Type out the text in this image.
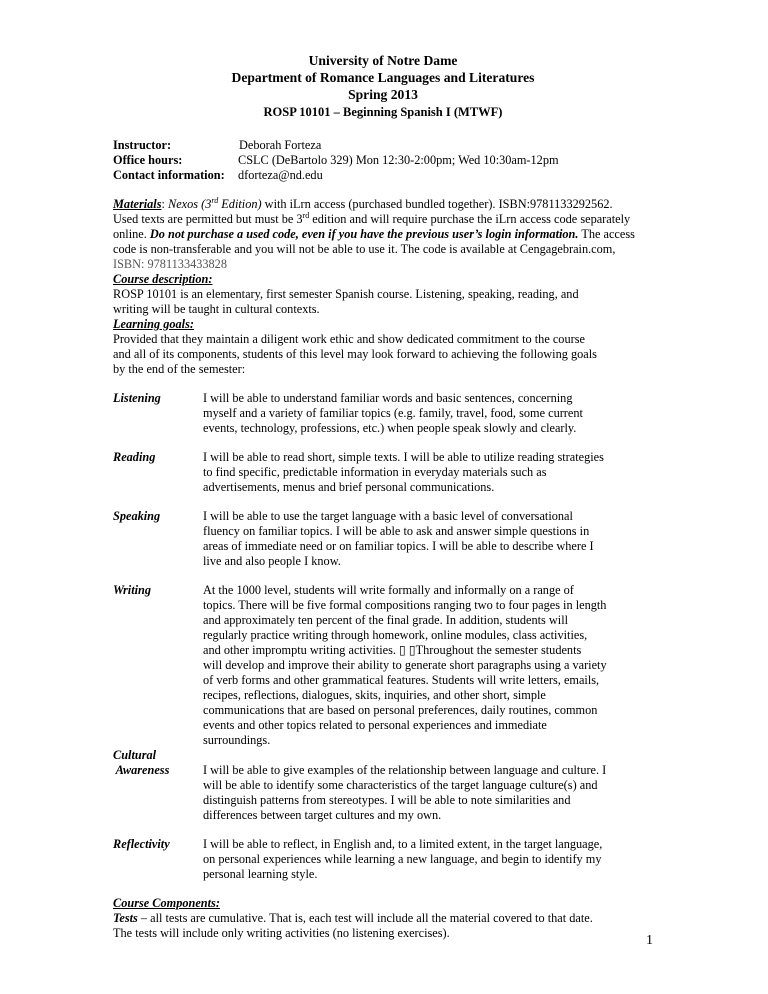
University of Notre Dame
Department of Romance Languages and Literatures
Spring 2013
ROSP 10101 – Beginning Spanish I (MTWF)
Instructor:	Deborah Forteza
Office hours:	CSLC (DeBartolo 329) Mon 12:30-2:00pm; Wed 10:30am-12pm
Contact information:	dforteza@nd.edu
Materials: Nexos (3rd Edition) with iLrn access (purchased bundled together). ISBN:9781133292562.
Used texts are permitted but must be 3rd edition and will require purchase the iLrn access code separately
online. Do not purchase a used code, even if you have the previous user’s login information. The access
code is non-transferable and you will not be able to use it. The code is available at Cengagebrain.com,
ISBN: 9781133433828
Course description:
ROSP 10101 is an elementary, first semester Spanish course. Listening, speaking, reading, and
writing will be taught in cultural contexts.
Learning goals:
Provided that they maintain a diligent work ethic and show dedicated commitment to the course
and all of its components, students of this level may look forward to achieving the following goals
by the end of the semester:
Listening	I will be able to understand familiar words and basic sentences, concerning
myself and a variety of familiar topics (e.g. family, travel, food, some current
events, technology, professions, etc.) when people speak slowly and clearly.
Reading	I will be able to read short, simple texts. I will be able to utilize reading strategies
to find specific, predictable information in everyday materials such as
advertisements, menus and brief personal communications.
Speaking	I will be able to use the target language with a basic level of conversational
fluency on familiar topics. I will be able to ask and answer simple questions in
areas of immediate need or on familiar topics. I will be able to describe where I
live and also people I know.
Writing	At the 1000 level, students will write formally and informally on a range of
topics. There will be five formal compositions ranging two to four pages in length
and approximately ten percent of the final grade. In addition, students will
regularly practice writing through homework, online modules, class activities,
and other impromptu writing activities. ▯ ▯Throughout the semester students
will develop and improve their ability to generate short paragraphs using a variety
of verb forms and other grammatical features. Students will write letters, emails,
recipes, reflections, dialogues, skits, inquiries, and other short, simple
communications that are based on personal preferences, daily routines, common
events and other topics related to personal experiences and immediate
surroundings.
Cultural
Awareness	I will be able to give examples of the relationship between language and culture. I
will be able to identify some characteristics of the target language culture(s) and
distinguish patterns from stereotypes. I will be able to note similarities and
differences between target cultures and my own.
Reflectivity	I will be able to reflect, in English and, to a limited extent, in the target language,
on personal experiences while learning a new language, and begin to identify my
personal learning style.
Course Components:
Tests – all tests are cumulative. That is, each test will include all the material covered to that date.
The tests will include only writing activities (no listening exercises).	1
